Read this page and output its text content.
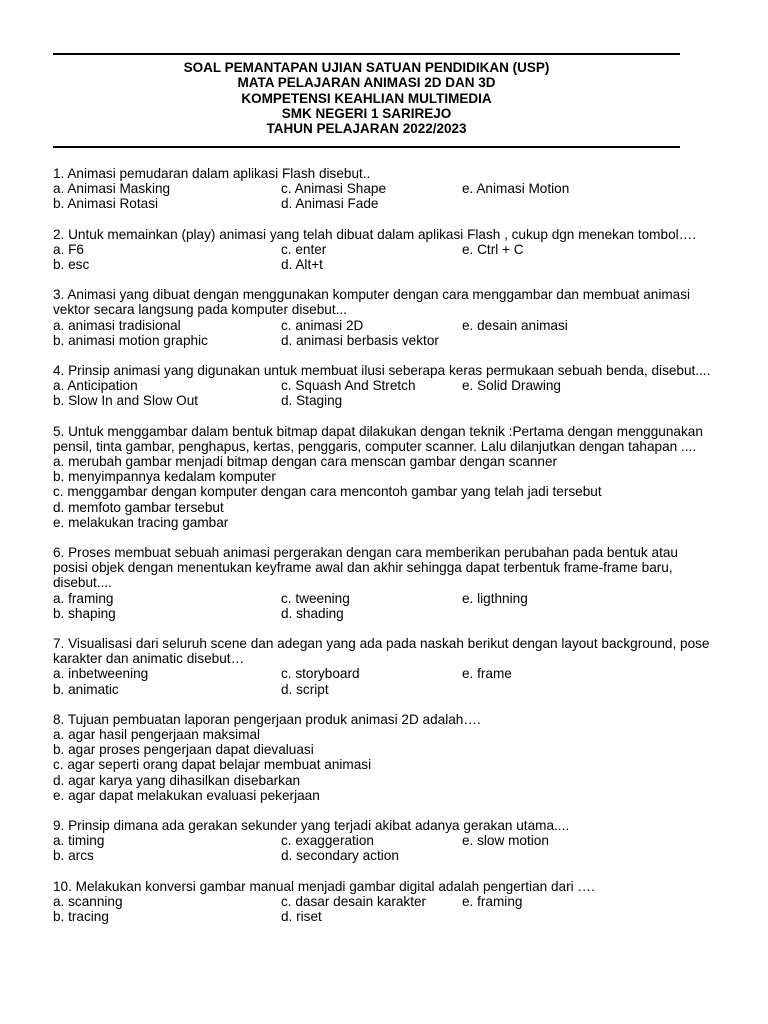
SOAL PEMANTAPAN UJIAN SATUAN PENDIDIKAN (USP)
MATA PELAJARAN ANIMASI 2D DAN 3D
KOMPETENSI KEAHLIAN MULTIMEDIA
SMK NEGERI 1 SARIREJO
TAHUN PELAJARAN 2022/2023
1. Animasi pemudaran dalam aplikasi Flash disebut..
a. Animasi Masking	c. Animasi Shape	e. Animasi Motion
b. Animasi Rotasi	d. Animasi Fade
2. Untuk memainkan (play) animasi yang telah dibuat dalam aplikasi Flash , cukup dgn menekan tombol….
a. F6	c. enter	e. Ctrl + C
b. esc	d. Alt+t
3. Animasi yang dibuat dengan menggunakan komputer dengan cara menggambar dan membuat animasi vektor secara langsung pada komputer disebut...
a. animasi tradisional	c. animasi 2D	e. desain animasi
b. animasi motion graphic	d. animasi berbasis vektor
4. Prinsip animasi yang digunakan untuk membuat ilusi seberapa keras permukaan sebuah benda, disebut....
a. Anticipation	c. Squash And Stretch	e. Solid Drawing
b. Slow In and Slow Out	d. Staging
5. Untuk menggambar dalam bentuk bitmap dapat dilakukan dengan teknik :Pertama dengan menggunakan pensil, tinta gambar, penghapus, kertas, penggaris, computer scanner. Lalu dilanjutkan dengan tahapan ....
a. merubah gambar menjadi bitmap dengan cara menscan gambar dengan scanner
b. menyimpannya kedalam komputer
c. menggambar dengan komputer dengan cara mencontoh gambar yang telah jadi tersebut
d. memfoto gambar tersebut
e. melakukan tracing gambar
6. Proses membuat sebuah animasi pergerakan dengan cara memberikan perubahan pada bentuk atau posisi objek dengan menentukan keyframe awal dan akhir sehingga dapat terbentuk frame-frame baru, disebut....
a. framing	c. tweening	e. ligthning
b. shaping	d. shading
7. Visualisasi dari seluruh scene dan adegan yang ada pada naskah berikut dengan layout background, pose karakter dan animatic disebut…
a. inbetweening	c. storyboard	e. frame
b. animatic	d. script
8. Tujuan pembuatan laporan pengerjaan produk animasi 2D adalah….
a. agar hasil pengerjaan maksimal
b. agar proses pengerjaan dapat dievaluasi
c. agar seperti orang dapat belajar membuat animasi
d. agar karya yang dihasilkan disebarkan
e. agar dapat melakukan evaluasi pekerjaan
9. Prinsip dimana ada gerakan sekunder yang terjadi akibat adanya gerakan utama....
a. timing	c. exaggeration	e. slow motion
b. arcs	d. secondary action
10. Melakukan konversi gambar manual menjadi gambar digital adalah pengertian dari ….
a. scanning	c. dasar desain karakter	e. framing
b. tracing	d. riset
